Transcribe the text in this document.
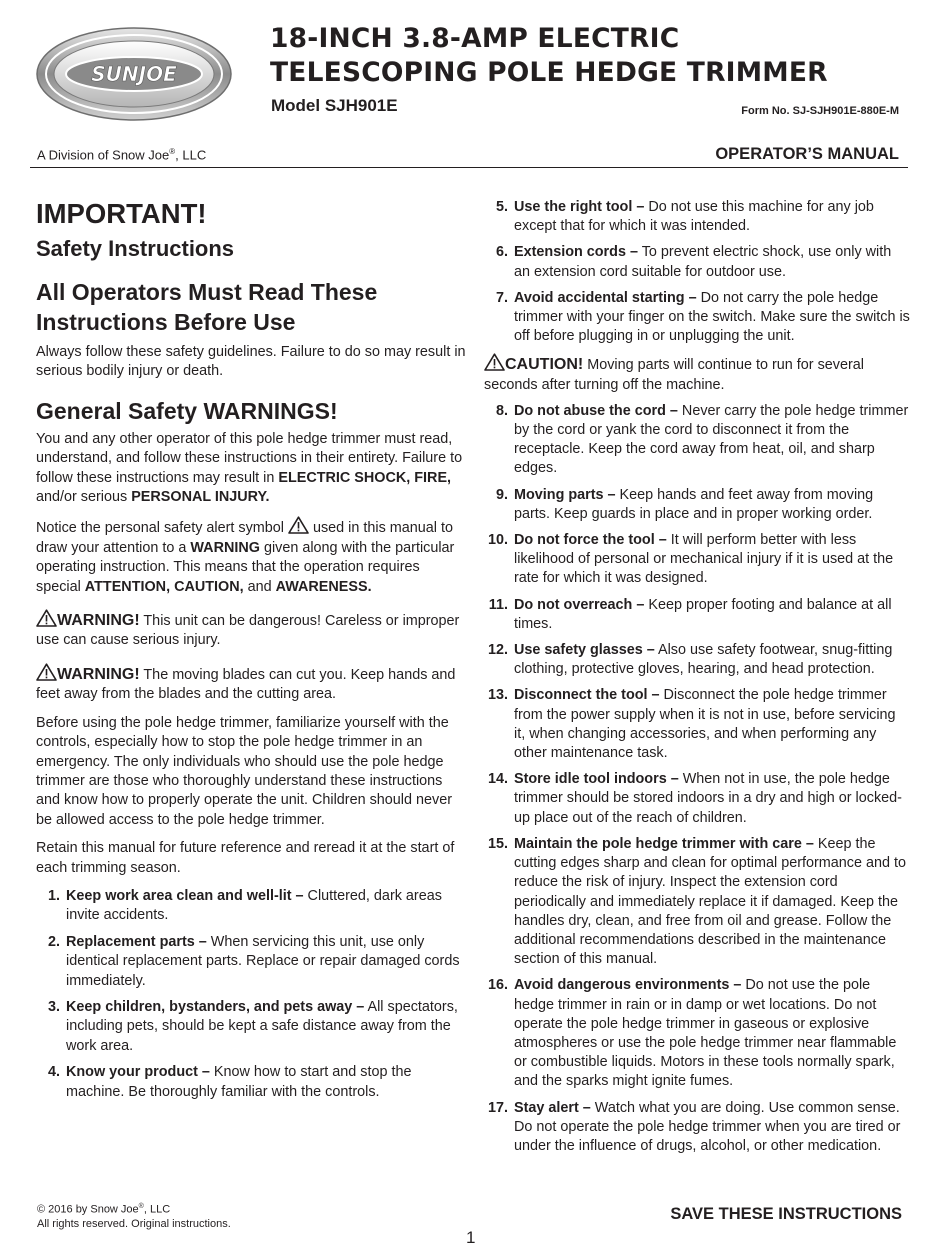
SUNJOE
18-INCH 3.8-AMP ELECTRIC
TELESCOPING POLE HEDGE TRIMMER
Model SJH901E	Form No. SJ-SJH901E-880E-M
A Division of Snow Joe®, LLC	OPERATOR’S MANUAL
IMPORTANT!
Safety Instructions
All Operators Must Read These
Instructions Before Use

Always follow these safety guidelines. Failure to do so may result in serious bodily injury or death.

General Safety WARNINGS!

You and any other operator of this pole hedge trimmer must read, understand, and follow these instructions in their entirety. Failure to follow these instructions may result in ELECTRIC SHOCK, FIRE, and/or serious PERSONAL INJURY.

Notice the personal safety alert symbol
used in this manual to draw your attention to a WARNING given along with the particular operating instruction. This means that the operation requires special ATTENTION, CAUTION, and AWARENESS.

WARNING! This unit can be dangerous! Careless or improper use can cause serious injury.

WARNING! The moving blades can cut you. Keep hands and feet away from the blades and the cutting area.

Before using the pole hedge trimmer, familiarize yourself with the controls, especially how to stop the pole hedge trimmer in an emergency. The only individuals who should use the pole hedge trimmer are those who thoroughly understand these instructions and know how to properly operate the unit. Children should never be allowed access to the pole hedge trimmer.

Retain this manual for future reference and reread it at the start of each trimming season.

1. Keep work area clean and well-lit – Cluttered, dark areas invite accidents.
2. Replacement parts – When servicing this unit, use only identical replacement parts. Replace or repair damaged cords immediately.
3. Keep children, bystanders, and pets away – All spectators, including pets, should be kept a safe distance away from the work area.
4. Know your product – Know how to start and stop the machine. Be thoroughly familiar with the controls.
5. Use the right tool – Do not use this machine for any job except that for which it was intended.
6. Extension cords – To prevent electric shock, use only with an extension cord suitable for outdoor use.
7. Avoid accidental starting – Do not carry the pole hedge trimmer with your finger on the switch. Make sure the switch is off before plugging in or unplugging the unit.

CAUTION! Moving parts will continue to run for several seconds after turning off the machine.

8. Do not abuse the cord – Never carry the pole hedge trimmer by the cord or yank the cord to disconnect it from the receptacle. Keep the cord away from heat, oil, and sharp edges.
9. Moving parts – Keep hands and feet away from moving parts. Keep guards in place and in proper working order.
10. Do not force the tool – It will perform better with less likelihood of personal or mechanical injury if it is used at the rate for which it was designed.
11. Do not overreach – Keep proper footing and balance at all times.
12. Use safety glasses – Also use safety footwear, snug-fitting clothing, protective gloves, hearing, and head protection.
13. Disconnect the tool – Disconnect the pole hedge trimmer from the power supply when it is not in use, before servicing it, when changing accessories, and when performing any other maintenance task.
14. Store idle tool indoors – When not in use, the pole hedge trimmer should be stored indoors in a dry and high or locked-up place out of the reach of children.
15. Maintain the pole hedge trimmer with care – Keep the cutting edges sharp and clean for optimal performance and to reduce the risk of injury. Inspect the extension cord periodically and immediately replace it if damaged. Keep the handles dry, clean, and free from oil and grease. Follow the additional recommendations described in the maintenance section of this manual.
16. Avoid dangerous environments – Do not use the pole hedge trimmer in rain or in damp or wet locations. Do not operate the pole hedge trimmer in gaseous or explosive atmospheres or use the pole hedge trimmer near flammable or combustible liquids. Motors in these tools normally spark, and the sparks might ignite fumes.
17. Stay alert – Watch what you are doing. Use common sense. Do not operate the pole hedge trimmer when you are tired or under the influence of drugs, alcohol, or other medication.
© 2016 by Snow Joe®, LLC
All rights reserved. Original instructions.
SAVE THESE INSTRUCTIONS
1
